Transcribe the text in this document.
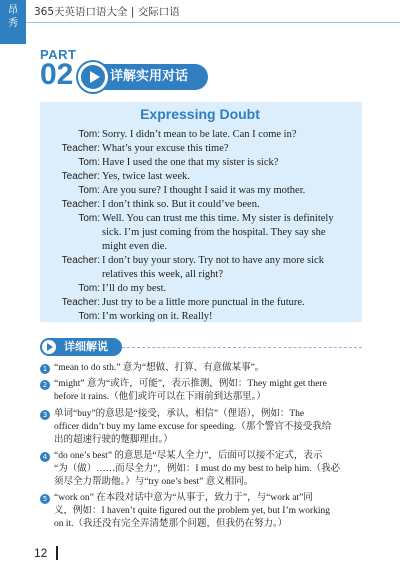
昂
秀
365天英语口语大全 | 交际口语
PART
02	详解实用对话
Expressing Doubt
Tom: Sorry. I didn’t mean to be late. Can I come in?
Teacher: What’s your excuse this time?
Tom: Have I used the one that my sister is sick?
Teacher: Yes, twice last week.
Tom: Are you sure? I thought I said it was my mother.
Teacher: I don’t think so. But it could’ve been.
Tom: Well. You can trust me this time. My sister is definitely
sick. I’m just coming from the hospital. They say she
might even die.
Teacher: I don’t buy your story. Try not to have any more sick
relatives this week, all right?
Tom: I’ll do my best.
Teacher: Just try to be a little more punctual in the future.
Tom: I’m working on it. Really!
详细解说
1 “mean to do sth.” 意为“想做、打算、有意做某事”。
2 “might” 意为“或许，可能”，表示推测，例如：They might get there
before it rains.（他们或许可以在下雨前到达那里。）
3 单词“buy”的意思是“接受，承认，相信”（俚语），例如：The
officer didn’t buy my lame excuse for speeding.（那个警官不接受我给
出的超速行驶的蹩脚理由。）
4 “do one’s best” 的意思是“尽某人全力”，后面可以接不定式，表示
“为（做）……而尽全力”，例如：I must do my best to help him.（我必
须尽全力帮助他。）与“try one’s best” 意义相同。
5 “work on” 在本段对话中意为“从事于，致力于”，与“work at”同
义，例如：I haven’t quite figured out the problem yet, but I’m working
on it.（我还没有完全弄清楚那个问题，但我仍在努力。）
12
